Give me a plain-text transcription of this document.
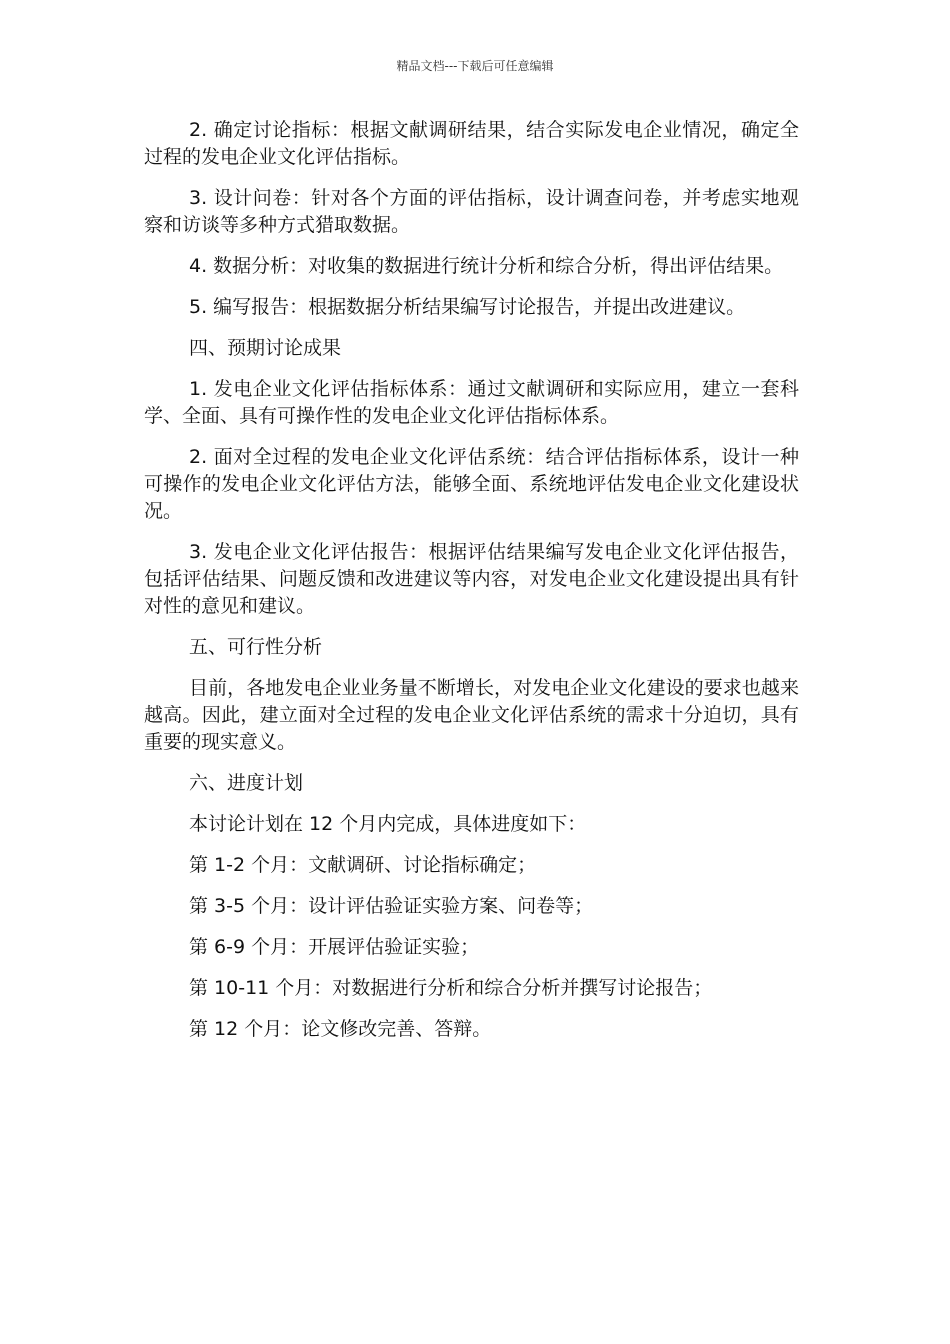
精品文档---下载后可任意编辑

2. 确定讨论指标：根据文献调研结果，结合实际发电企业情况，确定全过程的发电企业文化评估指标。

3. 设计问卷：针对各个方面的评估指标，设计调查问卷，并考虑实地观察和访谈等多种方式猎取数据。

4. 数据分析：对收集的数据进行统计分析和综合分析，得出评估结果。

5. 编写报告：根据数据分析结果编写讨论报告，并提出改进建议。

四、预期讨论成果

1. 发电企业文化评估指标体系：通过文献调研和实际应用，建立一套科学、全面、具有可操作性的发电企业文化评估指标体系。

2. 面对全过程的发电企业文化评估系统：结合评估指标体系，设计一种可操作的发电企业文化评估方法，能够全面、系统地评估发电企业文化建设状况。

3. 发电企业文化评估报告：根据评估结果编写发电企业文化评估报告，包括评估结果、问题反馈和改进建议等内容，对发电企业文化建设提出具有针对性的意见和建议。

五、可行性分析

目前，各地发电企业业务量不断增长，对发电企业文化建设的要求也越来越高。因此，建立面对全过程的发电企业文化评估系统的需求十分迫切，具有重要的现实意义。

六、进度计划

本讨论计划在 12 个月内完成，具体进度如下：

第 1-2 个月：文献调研、讨论指标确定；

第 3-5 个月：设计评估验证实验方案、问卷等；

第 6-9 个月：开展评估验证实验；

第 10-11 个月：对数据进行分析和综合分析并撰写讨论报告；

第 12 个月：论文修改完善、答辩。
